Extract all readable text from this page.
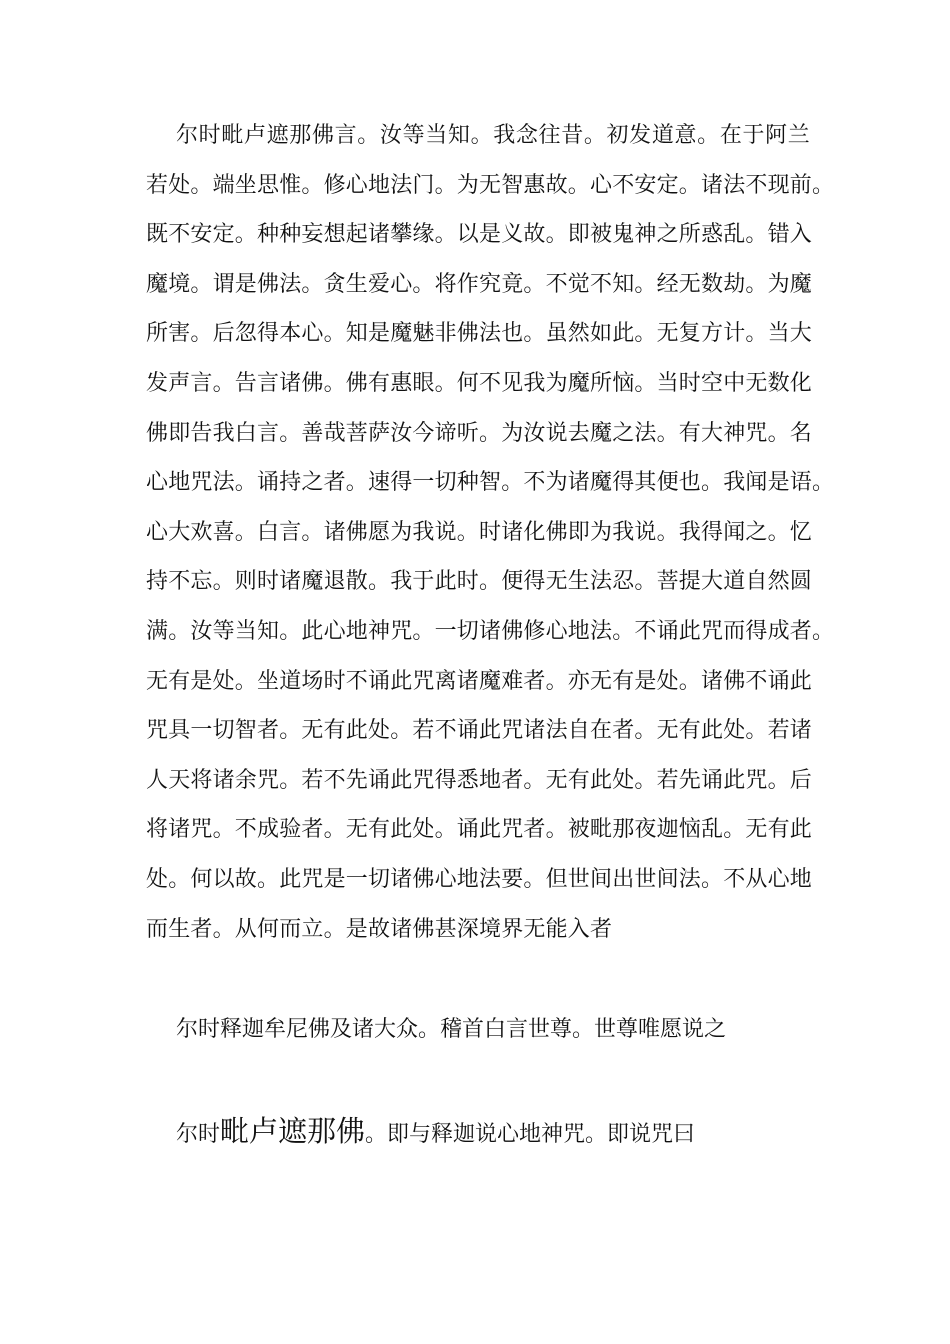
尔时毗卢遮那佛言。汝等当知。我念往昔。初发道意。在于阿兰
若处。端坐思惟。修心地法门。为无智惠故。心不安定。诸法不现前。
既不安定。种种妄想起诸攀缘。以是义故。即被鬼神之所惑乱。错入
魔境。谓是佛法。贪生爱心。将作究竟。不觉不知。经无数劫。为魔
所害。后忽得本心。知是魔魅非佛法也。虽然如此。无复方计。当大
发声言。告言诸佛。佛有惠眼。何不见我为魔所恼。当时空中无数化
佛即告我白言。善哉菩萨汝今谛听。为汝说去魔之法。有大神咒。名
心地咒法。诵持之者。速得一切种智。不为诸魔得其便也。我闻是语。
心大欢喜。白言。诸佛愿为我说。时诸化佛即为我说。我得闻之。忆
持不忘。则时诸魔退散。我于此时。便得无生法忍。菩提大道自然圆
满。汝等当知。此心地神咒。一切诸佛修心地法。不诵此咒而得成者。
无有是处。坐道场时不诵此咒离诸魔难者。亦无有是处。诸佛不诵此
咒具一切智者。无有此处。若不诵此咒诸法自在者。无有此处。若诸
人天将诸余咒。若不先诵此咒得悉地者。无有此处。若先诵此咒。后
将诸咒。不成验者。无有此处。诵此咒者。被毗那夜迦恼乱。无有此
处。何以故。此咒是一切诸佛心地法要。但世间出世间法。不从心地
而生者。从何而立。是故诸佛甚深境界无能入者

尔时释迦牟尼佛及诸大众。稽首白言世尊。世尊唯愿说之

尔时毗卢遮那佛。即与释迦说心地神咒。即说咒曰
